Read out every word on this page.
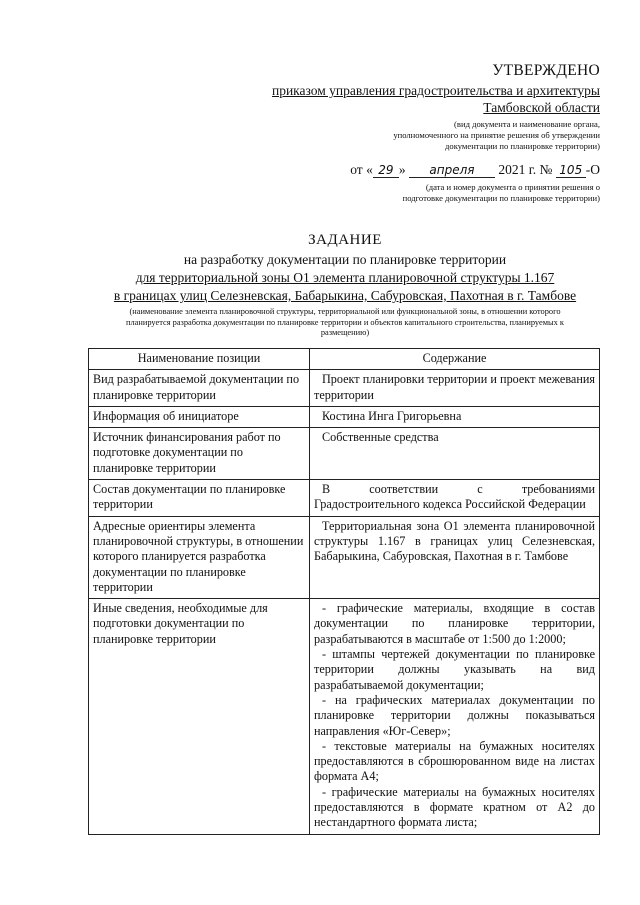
УТВЕРЖДЕНО
приказом управления градостроительства и архитектуры
Тамбовской области
(вид документа и наименование органа,
уполномоченного на принятие решения об утверждении
документации по планировке территории)
от « 29 » апреля 2021 г. № 105 -О
(дата и номер документа о принятии решения о
подготовке документации по планировке территории)
ЗАДАНИЕ
на разработку документации по планировке территории
для территориальной зоны О1 элемента планировочной структуры 1.167
в границах улиц Селезневская, Бабарыкина, Сабуровская, Пахотная в г. Тамбове
(наименование элемента планировочной структуры, территориальной или функциональной зоны, в отношении которого
планируется разработка документации по планировке территории и объектов капитального строительства, планируемых к
размещению)
Наименование позиции	Содержание
Вид разрабатываемой документации по планировке территории	Проект планировки территории и проект межевания территории

Информация об инициаторе	Костина Инга Григорьевна

Источник финансирования работ по подготовке документации по планировке территории	Собственные средства

Состав документации по планировке территории	В соответствии с требованиями Градостроительного кодекса Российской Федерации

Адресные ориентиры элемента планировочной структуры, в отношении которого планируется разработка документации по планировке территории	Территориальная зона О1 элемента планировочной структуры 1.167 в границах улиц Селезневская, Бабарыкина, Сабуровская, Пахотная в г. Тамбове

Иные сведения, необходимые для подготовки документации по планировке территории	- графические материалы, входящие в состав документации по планировке территории, разрабатываются в масштабе от 1:500 до 1:2000;

- штампы чертежей документации по планировке территории должны указывать на вид разрабатываемой документации;

- на графических материалах документации по планировке территории должны показываться направления «Юг-Север»;

- текстовые материалы на бумажных носителях предоставляются в сброшюрованном виде на листах формата А4;

- графические материалы на бумажных носителях предоставляются в формате кратном от А2 до нестандартного формата листа;
